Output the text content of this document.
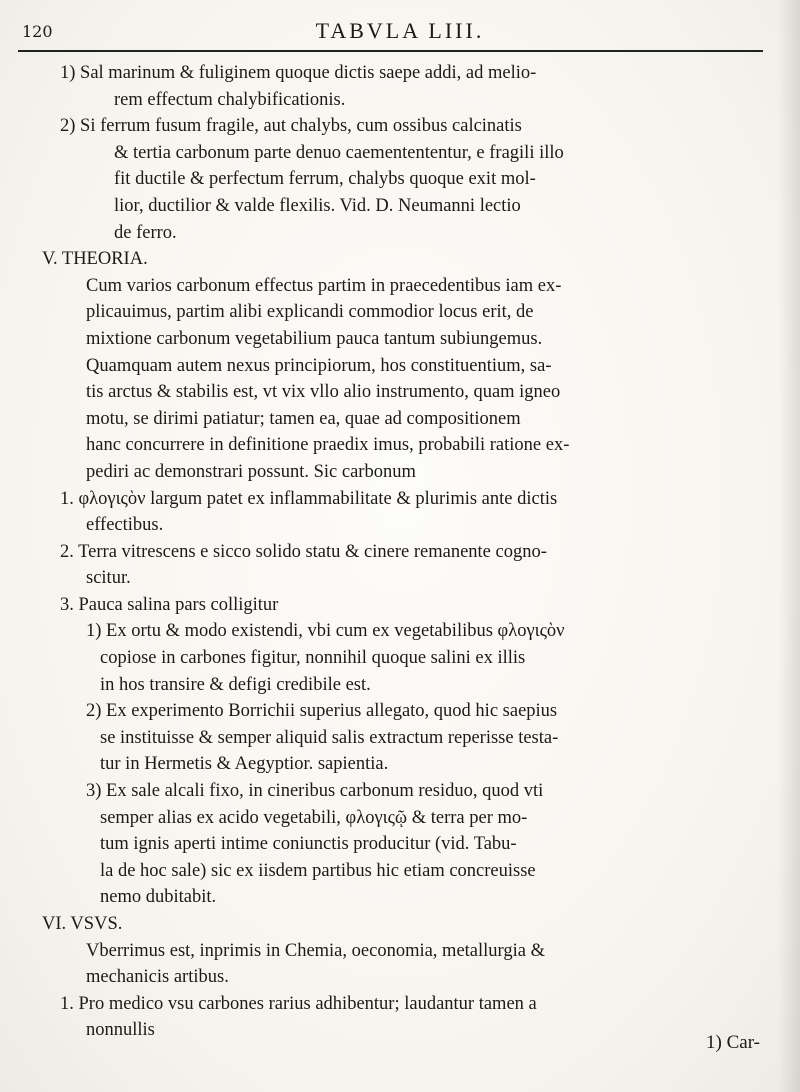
120	TABVLA LIII.
1) Sal marinum & fuliginem quoque dictis saepe addi, ad melio-
rem effectum chalybificationis.
2) Si ferrum fusum fragile, aut chalybs, cum ossibus calcinatis
& tertia carbonum parte denuo caementententur, e fragili illo
fit ductile & perfectum ferrum, chalybs quoque exit mol-
lior, ductilior & valde flexilis. Vid. D. Neumanni lectio
de ferro.
V. THEORIA.
Cum varios carbonum effectus partim in praecedentibus iam ex-
plicauimus, partim alibi explicandi commodior locus erit, de
mixtione carbonum vegetabilium pauca tantum subiungemus.
Quamquam autem nexus principiorum, hos constituentium, sa-
tis arctus & stabilis est, vt vix vllo alio instrumento, quam igneo
motu, se dirimi patiatur; tamen ea, quae ad compositionem
hanc concurrere in definitione praedix imus, probabili ratione ex-
pediri ac demonstrari possunt. Sic carbonum
1. φλογιςὸν largum patet ex inflammabilitate & plurimis ante dictis
effectibus.
2. Terra vitrescens e sicco solido statu & cinere remanente cogno-
scitur.
3. Pauca salina pars colligitur
1) Ex ortu & modo existendi, vbi cum ex vegetabilibus φλογιςὸν
copiose in carbones figitur, nonnihil quoque salini ex illis
in hos transire & defigi credibile est.
2) Ex experimento Borrichii superius allegato, quod hic saepius
se instituisse & semper aliquid salis extractum reperisse testa-
tur in Hermetis & Aegyptior. sapientia.
3) Ex sale alcali fixo, in cineribus carbonum residuo, quod vti
semper alias ex acido vegetabili, φλογιςῷ & terra per mo-
tum ignis aperti intime coniunctis producitur (vid. Tabu-
la de hoc sale) sic ex iisdem partibus hic etiam concreuisse
nemo dubitabit.
VI. VSVS.
Vberrimus est, inprimis in Chemia, oeconomia, metallurgia &
mechanicis artibus.
1. Pro medico vsu carbones rarius adhibentur; laudantur tamen a
nonnullis
1) Car-
